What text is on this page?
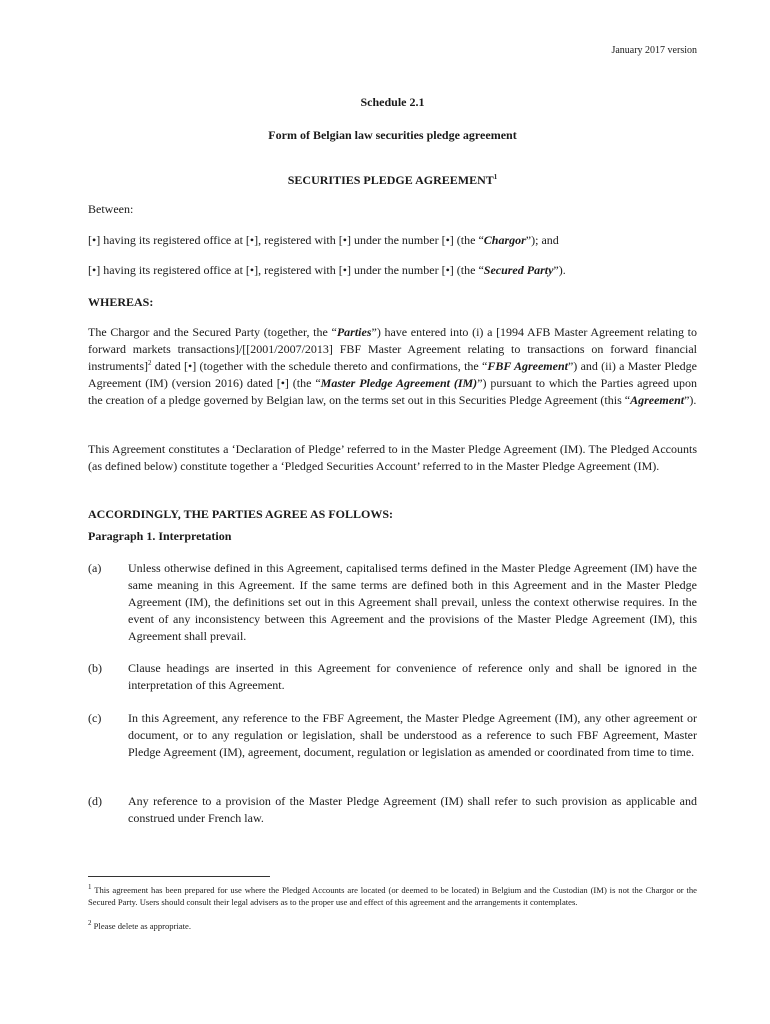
January 2017 version
Schedule 2.1
Form of Belgian law securities pledge agreement
SECURITIES PLEDGE AGREEMENT$^1$
Between:
[•] having its registered office at [•], registered with [•] under the number [•] (the “Chargor”); and
[•] having its registered office at [•], registered with [•] under the number [•] (the “Secured Party”).
WHEREAS:
The Chargor and the Secured Party (together, the “Parties”) have entered into (i) a [1994 AFB Master Agreement relating to forward markets transactions]/[[2001/2007/2013] FBF Master Agreement relating to transactions on forward financial instruments]$^2$ dated [•] (together with the schedule thereto and confirmations, the “FBF Agreement”) and (ii) a Master Pledge Agreement (IM) (version 2016) dated [•] (the “Master Pledge Agreement (IM)”) pursuant to which the Parties agreed upon the creation of a pledge governed by Belgian law, on the terms set out in this Securities Pledge Agreement (this “Agreement”).
This Agreement constitutes a ‘Declaration of Pledge’ referred to in the Master Pledge Agreement (IM). The Pledged Accounts (as defined below) constitute together a ‘Pledged Securities Account’ referred to in the Master Pledge Agreement (IM).
ACCORDINGLY, THE PARTIES AGREE AS FOLLOWS:
Paragraph 1. Interpretation
(a)	Unless otherwise defined in this Agreement, capitalised terms defined in the Master Pledge Agreement (IM) have the same meaning in this Agreement. If the same terms are defined both in this Agreement and in the Master Pledge Agreement (IM), the definitions set out in this Agreement shall prevail, unless the context otherwise requires. In the event of any inconsistency between this Agreement and the provisions of the Master Pledge Agreement (IM), this Agreement shall prevail.
(b)	Clause headings are inserted in this Agreement for convenience of reference only and shall be ignored in the interpretation of this Agreement.
(c)	In this Agreement, any reference to the FBF Agreement, the Master Pledge Agreement (IM), any other agreement or document, or to any regulation or legislation, shall be understood as a reference to such FBF Agreement, Master Pledge Agreement (IM), agreement, document, regulation or legislation as amended or coordinated from time to time.
(d)	Any reference to a provision of the Master Pledge Agreement (IM) shall refer to such provision as applicable and construed under French law.
$^1$ This agreement has been prepared for use where the Pledged Accounts are located (or deemed to be located) in Belgium and the Custodian (IM) is not the Chargor or the Secured Party. Users should consult their legal advisers as to the proper use and effect of this agreement and the arrangements it contemplates.
$^2$ Please delete as appropriate.
